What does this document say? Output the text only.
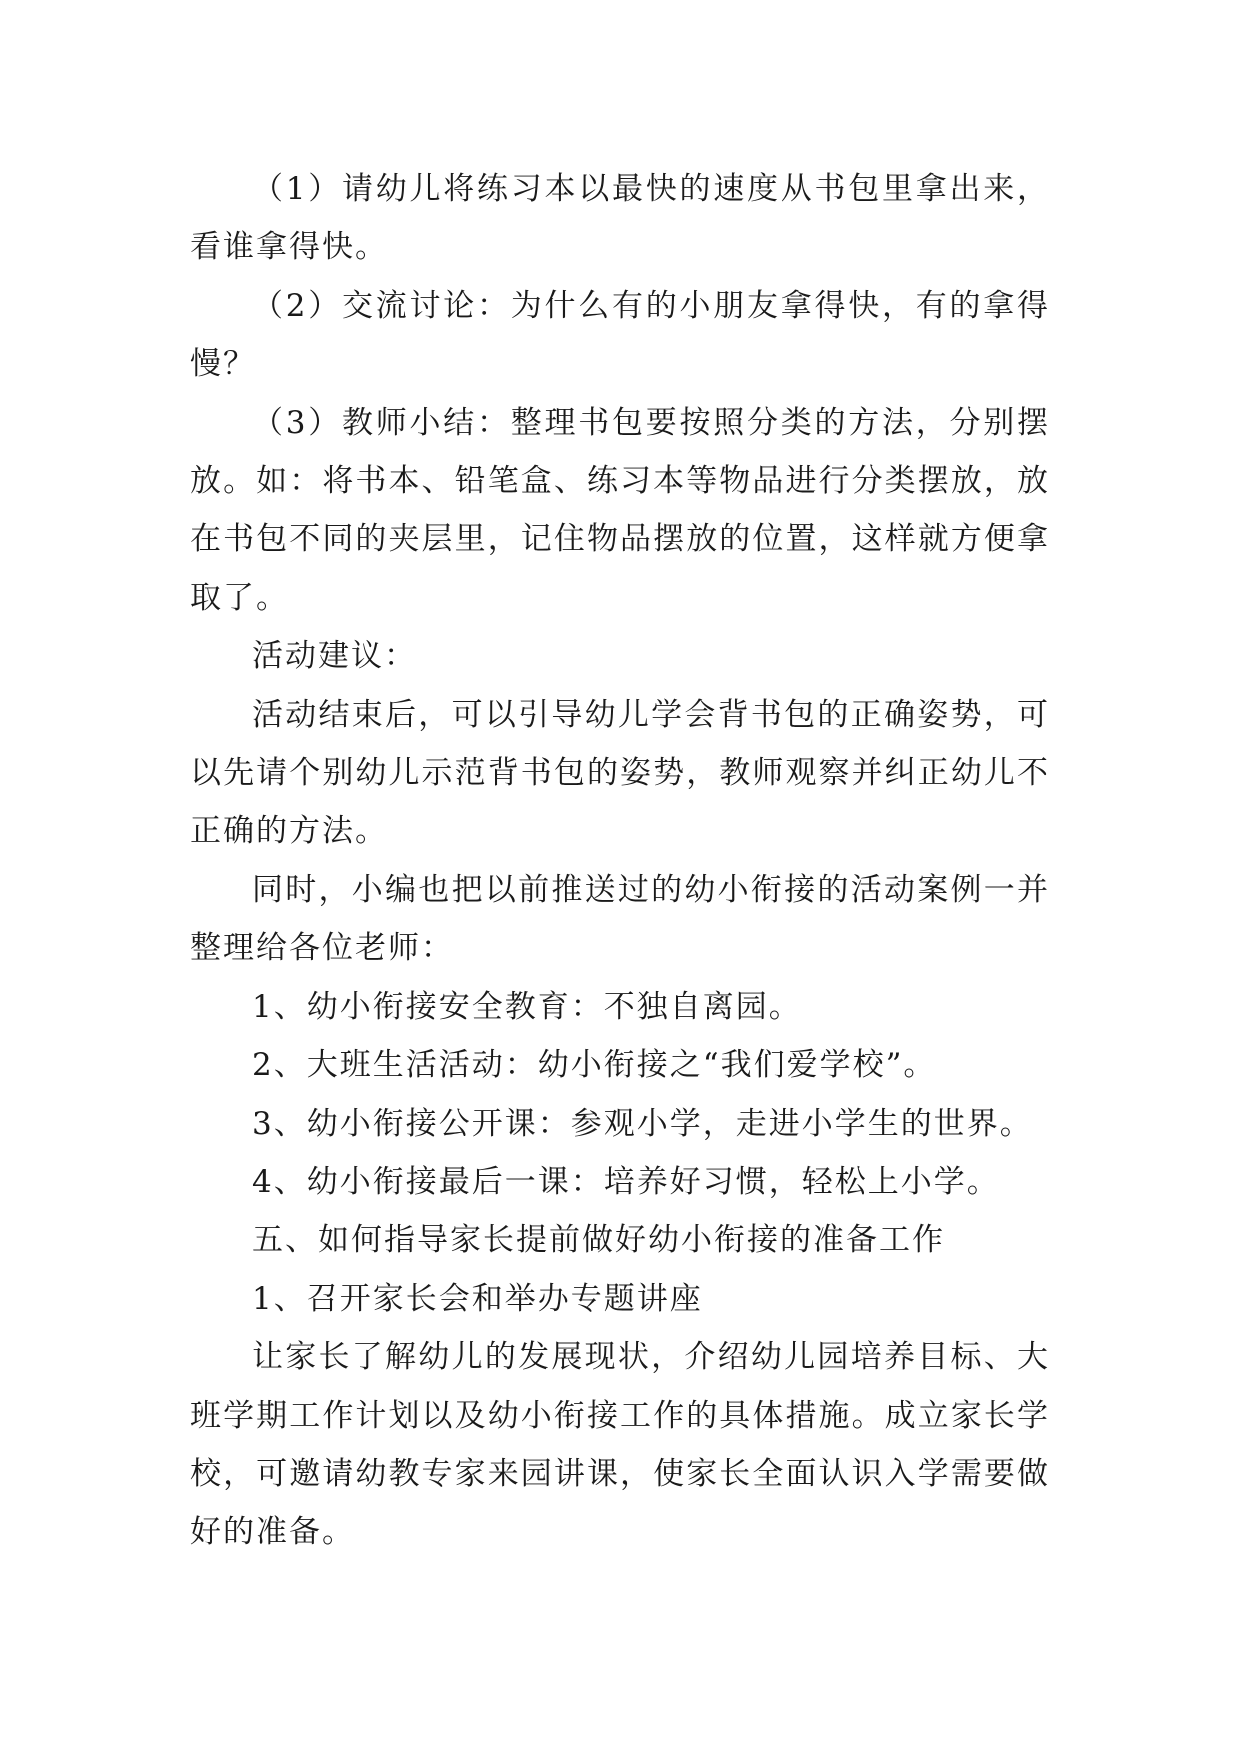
（1）请幼儿将练习本以最快的速度从书包里拿出来，看谁拿得快。

（2）交流讨论：为什么有的小朋友拿得快，有的拿得慢？

（3）教师小结：整理书包要按照分类的方法，分别摆放。如：将书本、铅笔盒、练习本等物品进行分类摆放，放在书包不同的夹层里，记住物品摆放的位置，这样就方便拿取了。

活动建议：

活动结束后，可以引导幼儿学会背书包的正确姿势，可以先请个别幼儿示范背书包的姿势，教师观察并纠正幼儿不正确的方法。

同时，小编也把以前推送过的幼小衔接的活动案例一并整理给各位老师：

1、幼小衔接安全教育：不独自离园。

2、大班生活活动：幼小衔接之“我们爱学校”。

3、幼小衔接公开课：参观小学，走进小学生的世界。

4、幼小衔接最后一课：培养好习惯，轻松上小学。

五、如何指导家长提前做好幼小衔接的准备工作

1、召开家长会和举办专题讲座

让家长了解幼儿的发展现状，介绍幼儿园培养目标、大班学期工作计划以及幼小衔接工作的具体措施。成立家长学校，可邀请幼教专家来园讲课，使家长全面认识入学需要做好的准备。
